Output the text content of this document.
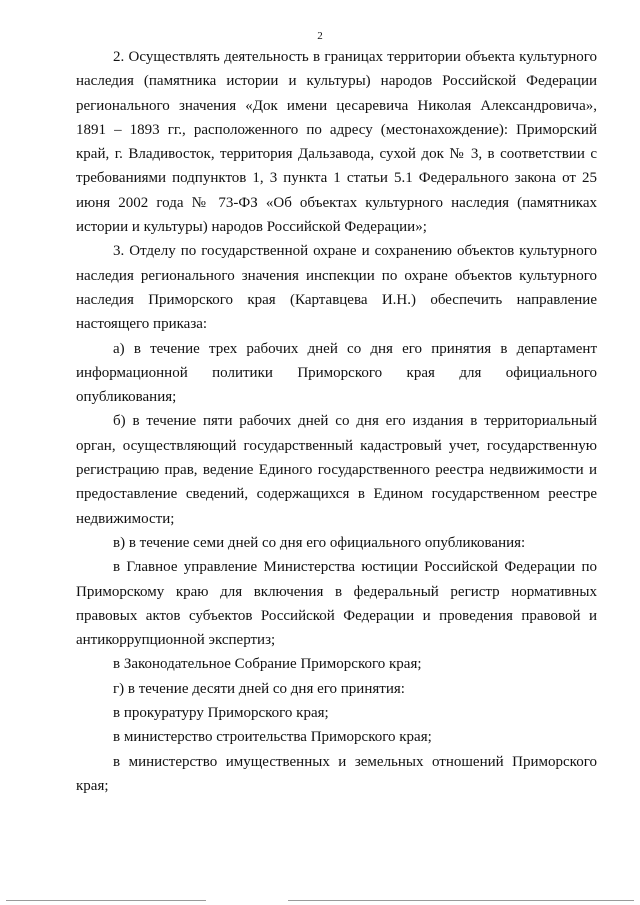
2
2. Осуществлять деятельность в границах территории объекта культурного
наследия (памятника истории и культуры) народов Российской Федерации
регионального значения «Док имени цесаревича Николая Александровича»,
1891 – 1893 гг., расположенного по адресу (местонахождение): Приморский
край, г. Владивосток, территория Дальзавода, сухой док № 3, в соответствии с
требованиями подпунктов 1, 3 пункта 1 статьи 5.1 Федерального закона от 25
июня 2002 года № 73-ФЗ «Об объектах культурного наследия (памятниках
истории и культуры) народов Российской Федерации»;
3. Отделу по государственной охране и сохранению объектов культурного
наследия регионального значения инспекции по охране объектов культурного
наследия Приморского края (Картавцева И.Н.) обеспечить направление
настоящего приказа:
а) в течение трех рабочих дней со дня его принятия в департамент
информационной политики Приморского края для официального
опубликования;
б) в течение пяти рабочих дней со дня его издания в территориальный
орган, осуществляющий государственный кадастровый учет, государственную
регистрацию прав, ведение Единого государственного реестра недвижимости и
предоставление сведений, содержащихся в Едином государственном реестре
недвижимости;
в) в течение семи дней со дня его официального опубликования:
в Главное управление Министерства юстиции Российской Федерации по
Приморскому краю для включения в федеральный регистр нормативных
правовых актов субъектов Российской Федерации и проведения правовой и
антикоррупционной экспертиз;
в Законодательное Собрание Приморского края;
г) в течение десяти дней со дня его принятия:
в прокуратуру Приморского края;
в министерство строительства Приморского края;
в министерство имущественных и земельных отношений Приморского
края;
